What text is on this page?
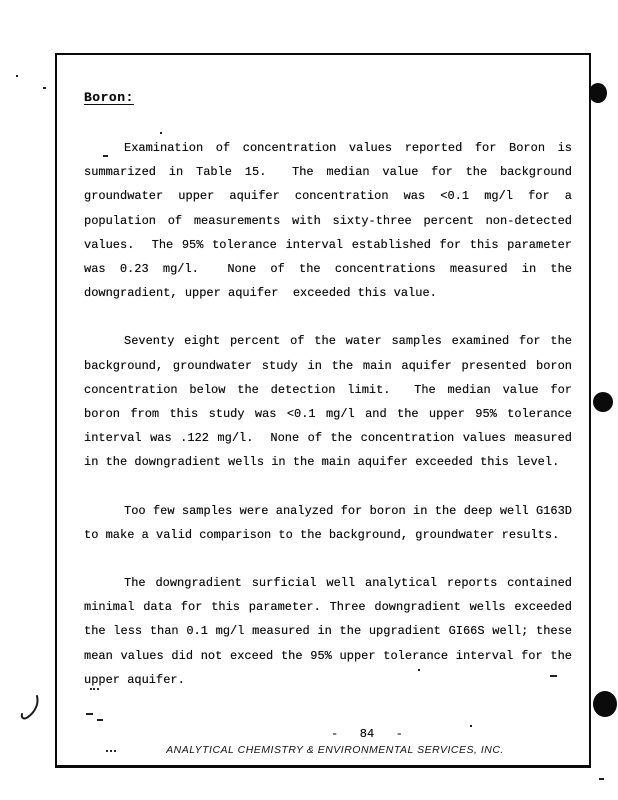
Boron:
Examination of concentration values reported for Boron is
summarized in Table 15.  The median value for the background
groundwater upper aquifer concentration was <0.1 mg/l for a
population of measurements with sixty-three percent non-detected
values.  The 95% tolerance interval established for this parameter
was 0.23 mg/l.  None of the concentrations measured in the
downgradient, upper aquifer  exceeded this value.
Seventy eight percent of the water samples examined for the
background, groundwater study in the main aquifer presented boron
concentration below the detection limit.  The median value for
boron from this study was <0.1 mg/l and the upper 95% tolerance
interval was .122 mg/l.  None of the concentration values measured
in the downgradient wells in the main aquifer exceeded this level.
Too few samples were analyzed for boron in the deep well G163D
to make a valid comparison to the background, groundwater results.
The downgradient surficial well analytical reports contained
minimal data for this parameter. Three downgradient wells exceeded
the less than 0.1 mg/l measured in the upgradient GI66S well; these
mean values did not exceed the 95% upper tolerance interval for the
upper aquifer.
-   84   -
ANALYTICAL CHEMISTRY & ENVIRONMENTAL SERVICES, INC.
